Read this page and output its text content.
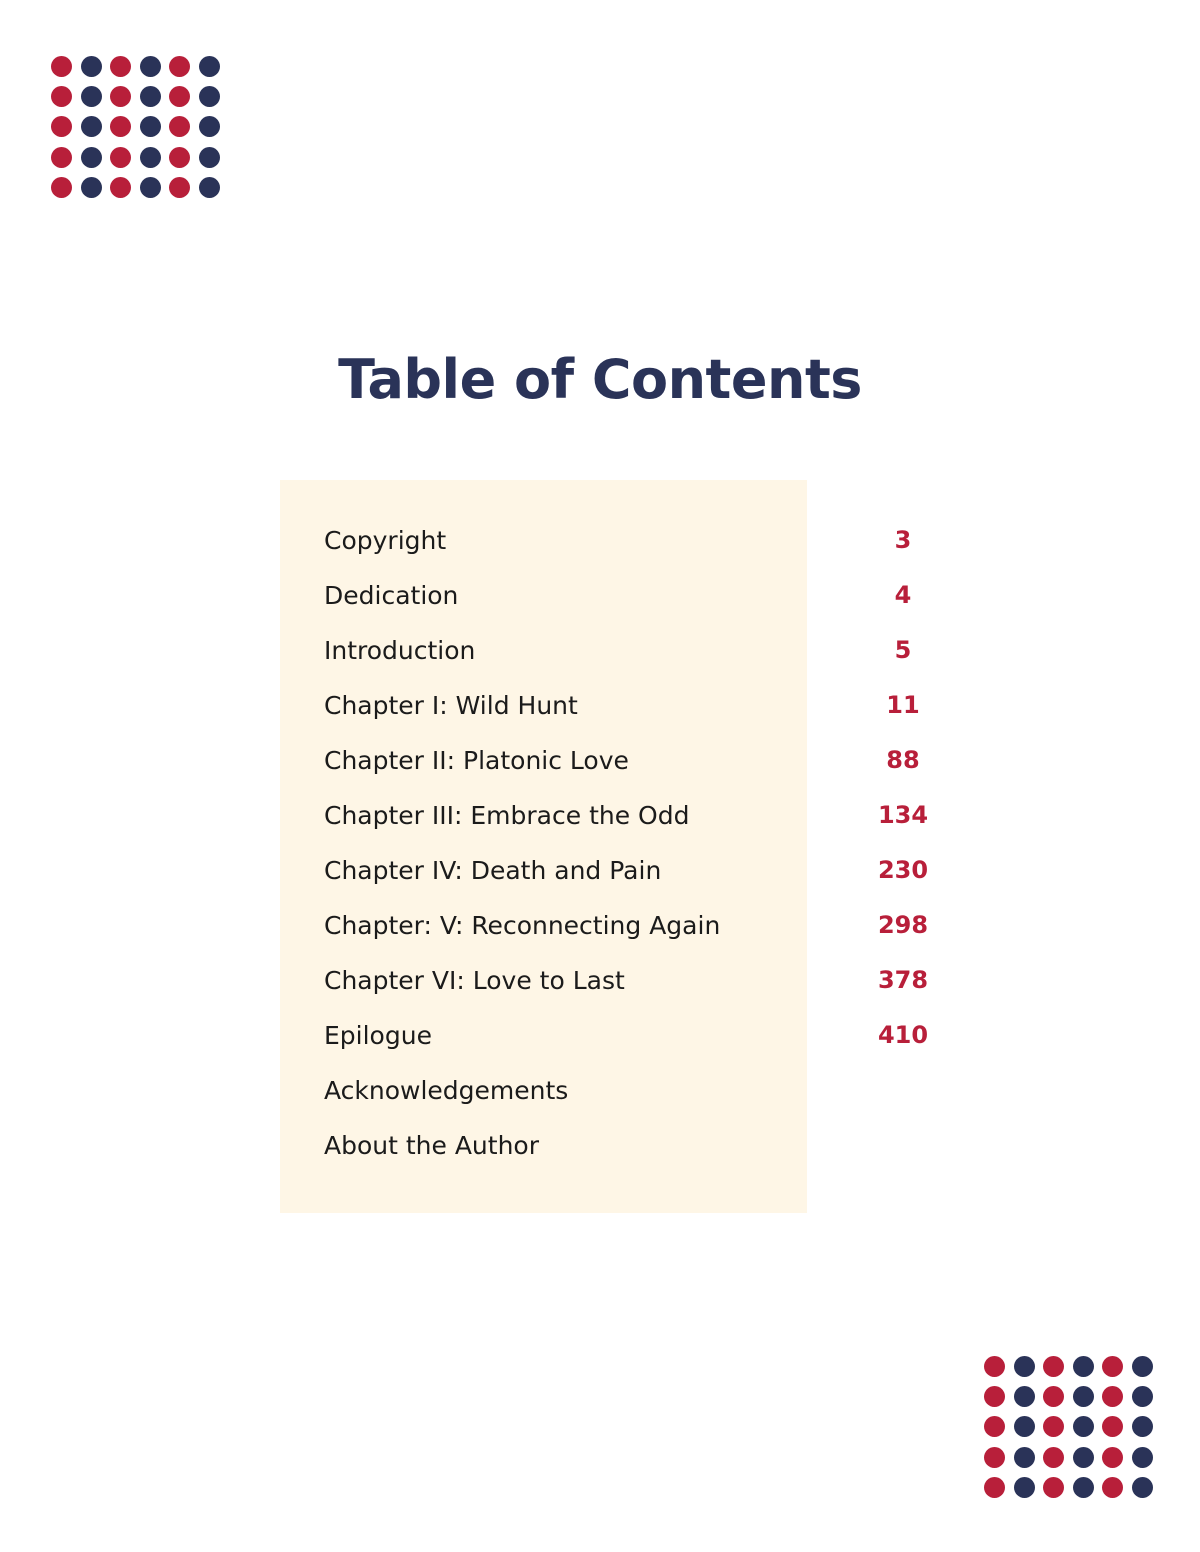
Table of Contents
Copyright	3
Dedication	4
Introduction	5
Chapter I: Wild Hunt	11
Chapter II: Platonic Love	88
Chapter III: Embrace the Odd	134
Chapter IV: Death and Pain	230
Chapter: V: Reconnecting Again	298
Chapter VI: Love to Last	378
Epilogue	410
Acknowledgements
About the Author
